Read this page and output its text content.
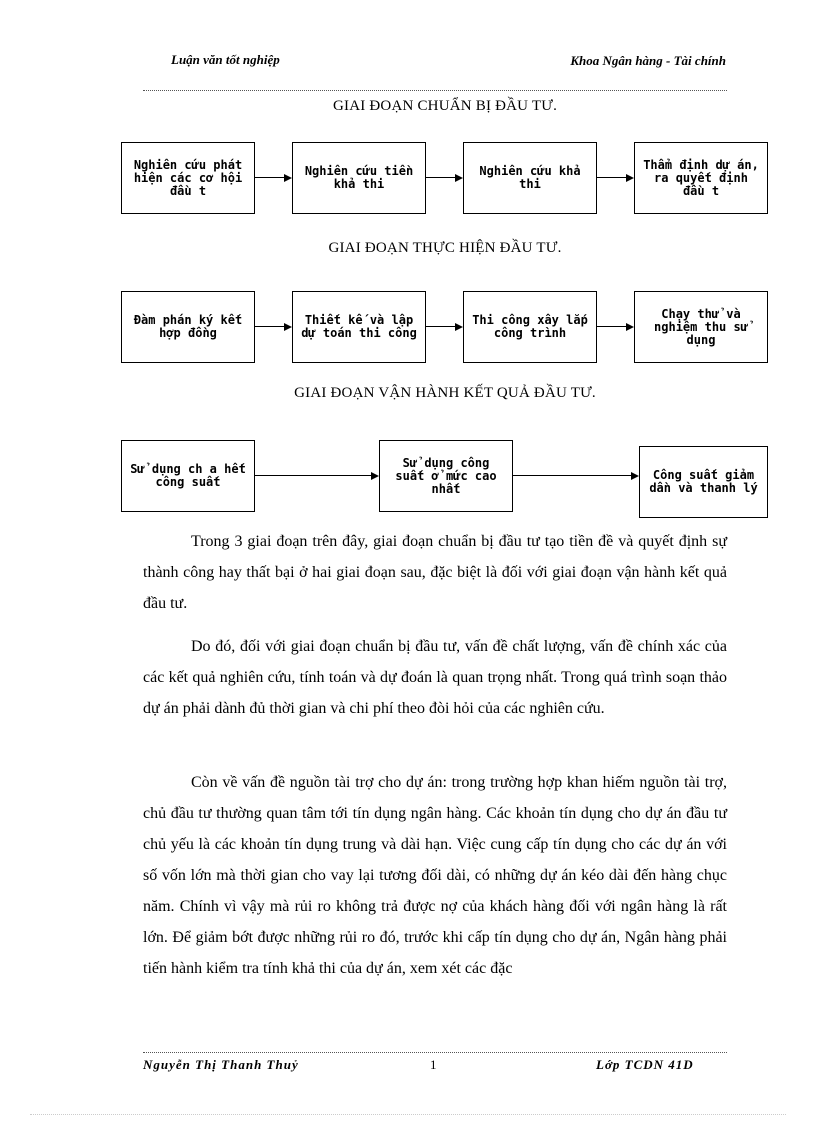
Luận văn tốt nghiệp	Khoa Ngân hàng - Tài chính
GIAI ĐOẠN CHUẨN BỊ ĐẦU TƯ.
Nghiên cứu phát hiện các cơ hội đầu t
Nghiên cứu tiền khả thi
Nghiên cứu khả thi
Thẩm định dự án, ra quyết định đầu t
GIAI ĐOẠN THỰC HIỆN ĐẦU TƯ.
Đàm phán ký kết hợp đồng
Thiết kế và lập dự toán thi công
Thi công xây lắp công trình
Chạy thử và nghiệm thu sử dụng
GIAI ĐOẠN VẬN HÀNH KẾT QUẢ ĐẦU TƯ.
Sử dụng ch a hết công suất
Sử dụng công suất ở mức cao nhất
Công suất giảm dần và thanh lý

Trong 3 giai đoạn trên đây, giai đoạn chuẩn bị đầu tư tạo tiền đề và quyết định sự thành công hay thất bại ở hai giai đoạn sau, đặc biệt là đối với giai đoạn vận hành kết quả đầu tư.

Do đó, đối với giai đoạn chuẩn bị đầu tư, vấn đề chất lượng, vấn đề chính xác của các kết quả nghiên cứu, tính toán và dự đoán là quan trọng nhất. Trong quá trình soạn thảo dự án phải dành đủ thời gian và chi phí theo đòi hỏi của các nghiên cứu.

Còn về vấn đề nguồn tài trợ cho dự án: trong trường hợp khan hiếm nguồn tài trợ, chủ đầu tư thường quan tâm tới tín dụng ngân hàng. Các khoản tín dụng cho dự án đầu tư chủ yếu là các khoản tín dụng trung và dài hạn. Việc cung cấp tín dụng cho các dự án với số vốn lớn mà thời gian cho vay lại tương đối dài, có những dự án kéo dài đến hàng chục năm. Chính vì vậy mà rủi ro không trả được nợ của khách hàng đối với ngân hàng là rất lớn. Để giảm bớt được những rủi ro đó, trước khi cấp tín dụng cho dự án, Ngân hàng phải tiến hành kiểm tra tính khả thi của dự án, xem xét các đặc

Nguyễn Thị Thanh Thuỷ	1	Lớp TCDN 41D
